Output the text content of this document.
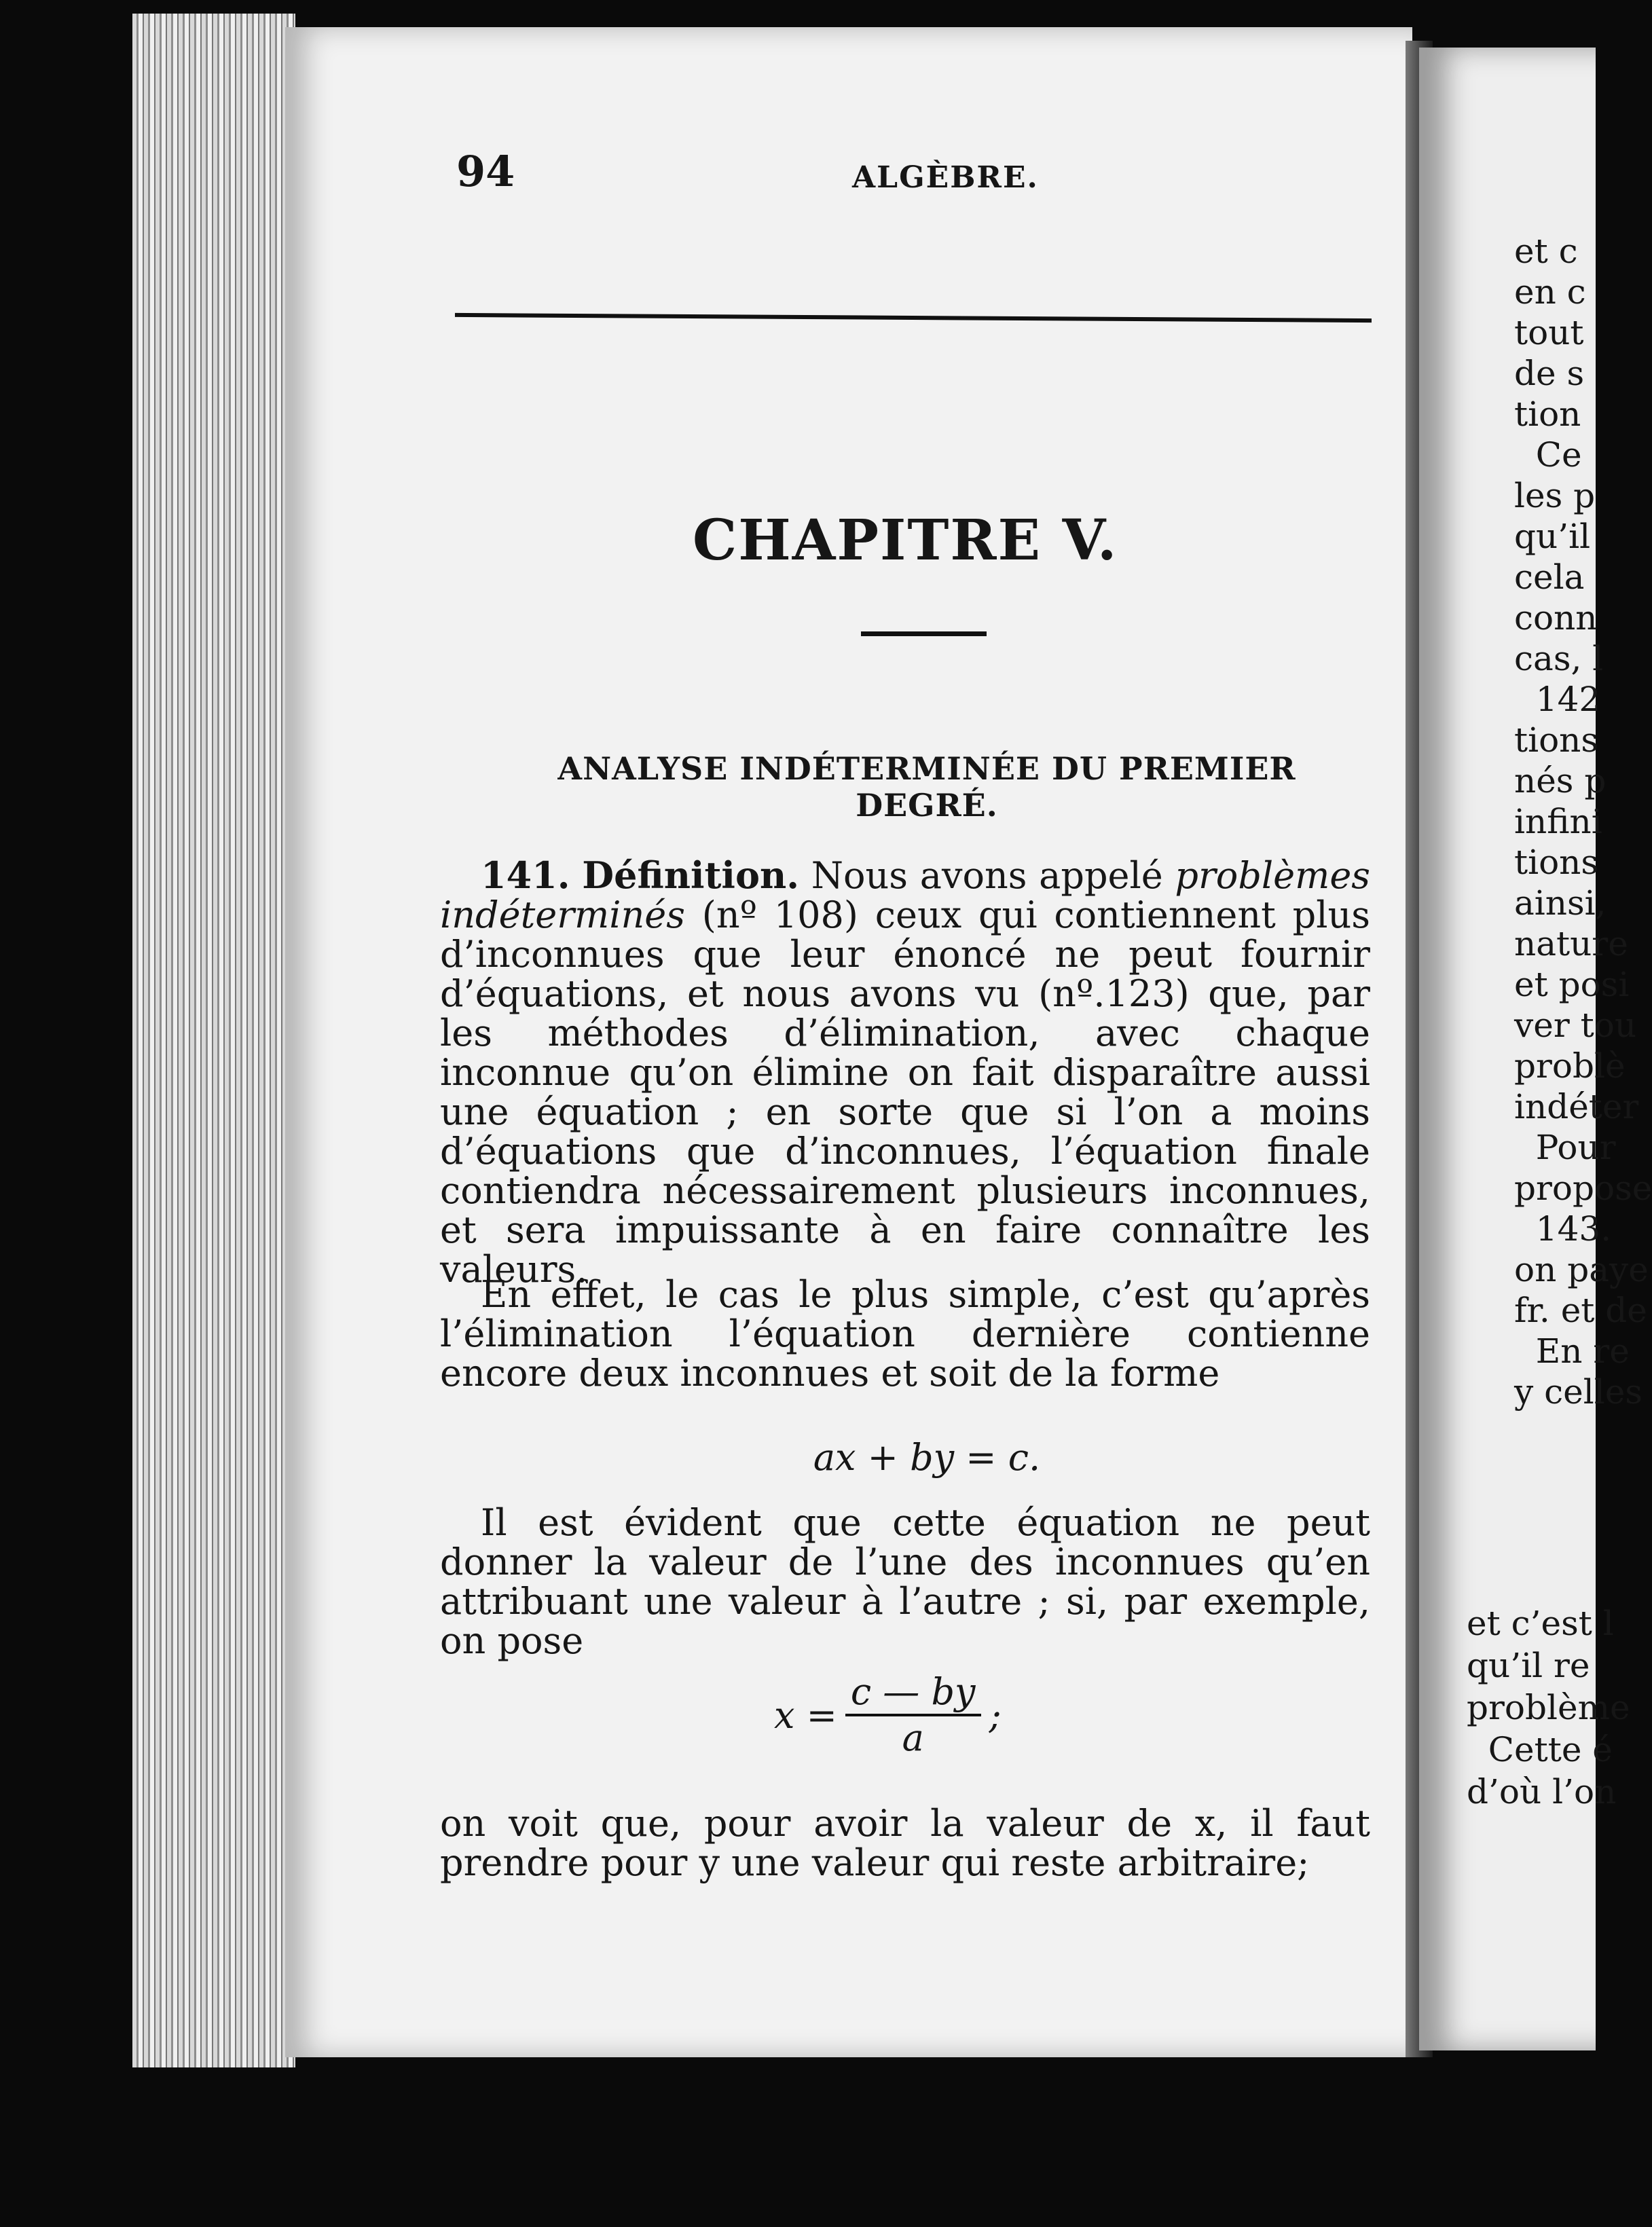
94	ALGÈBRE.
CHAPITRE V.
ANALYSE INDÉTERMINÉE DU PREMIER DEGRÉ.

141. Définition. Nous avons appelé problèmes indéterminés (nº 108) ceux qui contiennent plus d’inconnues que leur énoncé ne peut fournir d’équations, et nous avons vu (nº.123) que, par les méthodes d’élimination, avec chaque inconnue qu’on élimine on fait disparaître aussi une équation ; en sorte que si l’on a moins d’équations que d’inconnues, l’équation finale contiendra nécessairement plusieurs inconnues, et sera impuissante à en faire connaître les valeurs.

En effet, le cas le plus simple, c’est qu’après l’élimination l’équation dernière contienne encore deux inconnues et soit de la forme

ax + by = c.

Il est évident que cette équation ne peut donner la valeur de l’une des inconnues qu’en attribuant une valeur à l’autre ; si, par exemple, on pose

$x = \frac{c — by}{a}$ ;

on voit que, pour avoir la valeur de x, il faut prendre pour y une valeur qui reste arbitraire;

et c
en c
tout
de s
tion
Ce
les p
qu’il
cela
conn
cas, l
142
tions
nés p
infini
tions
ainsi,
nature
et posi
ver tou
problè
indéter
Pour
propose
143.
on paye
fr. et de
En re
y celles
et c’est l
qu’il re
problème
Cette é
d’où l’on
